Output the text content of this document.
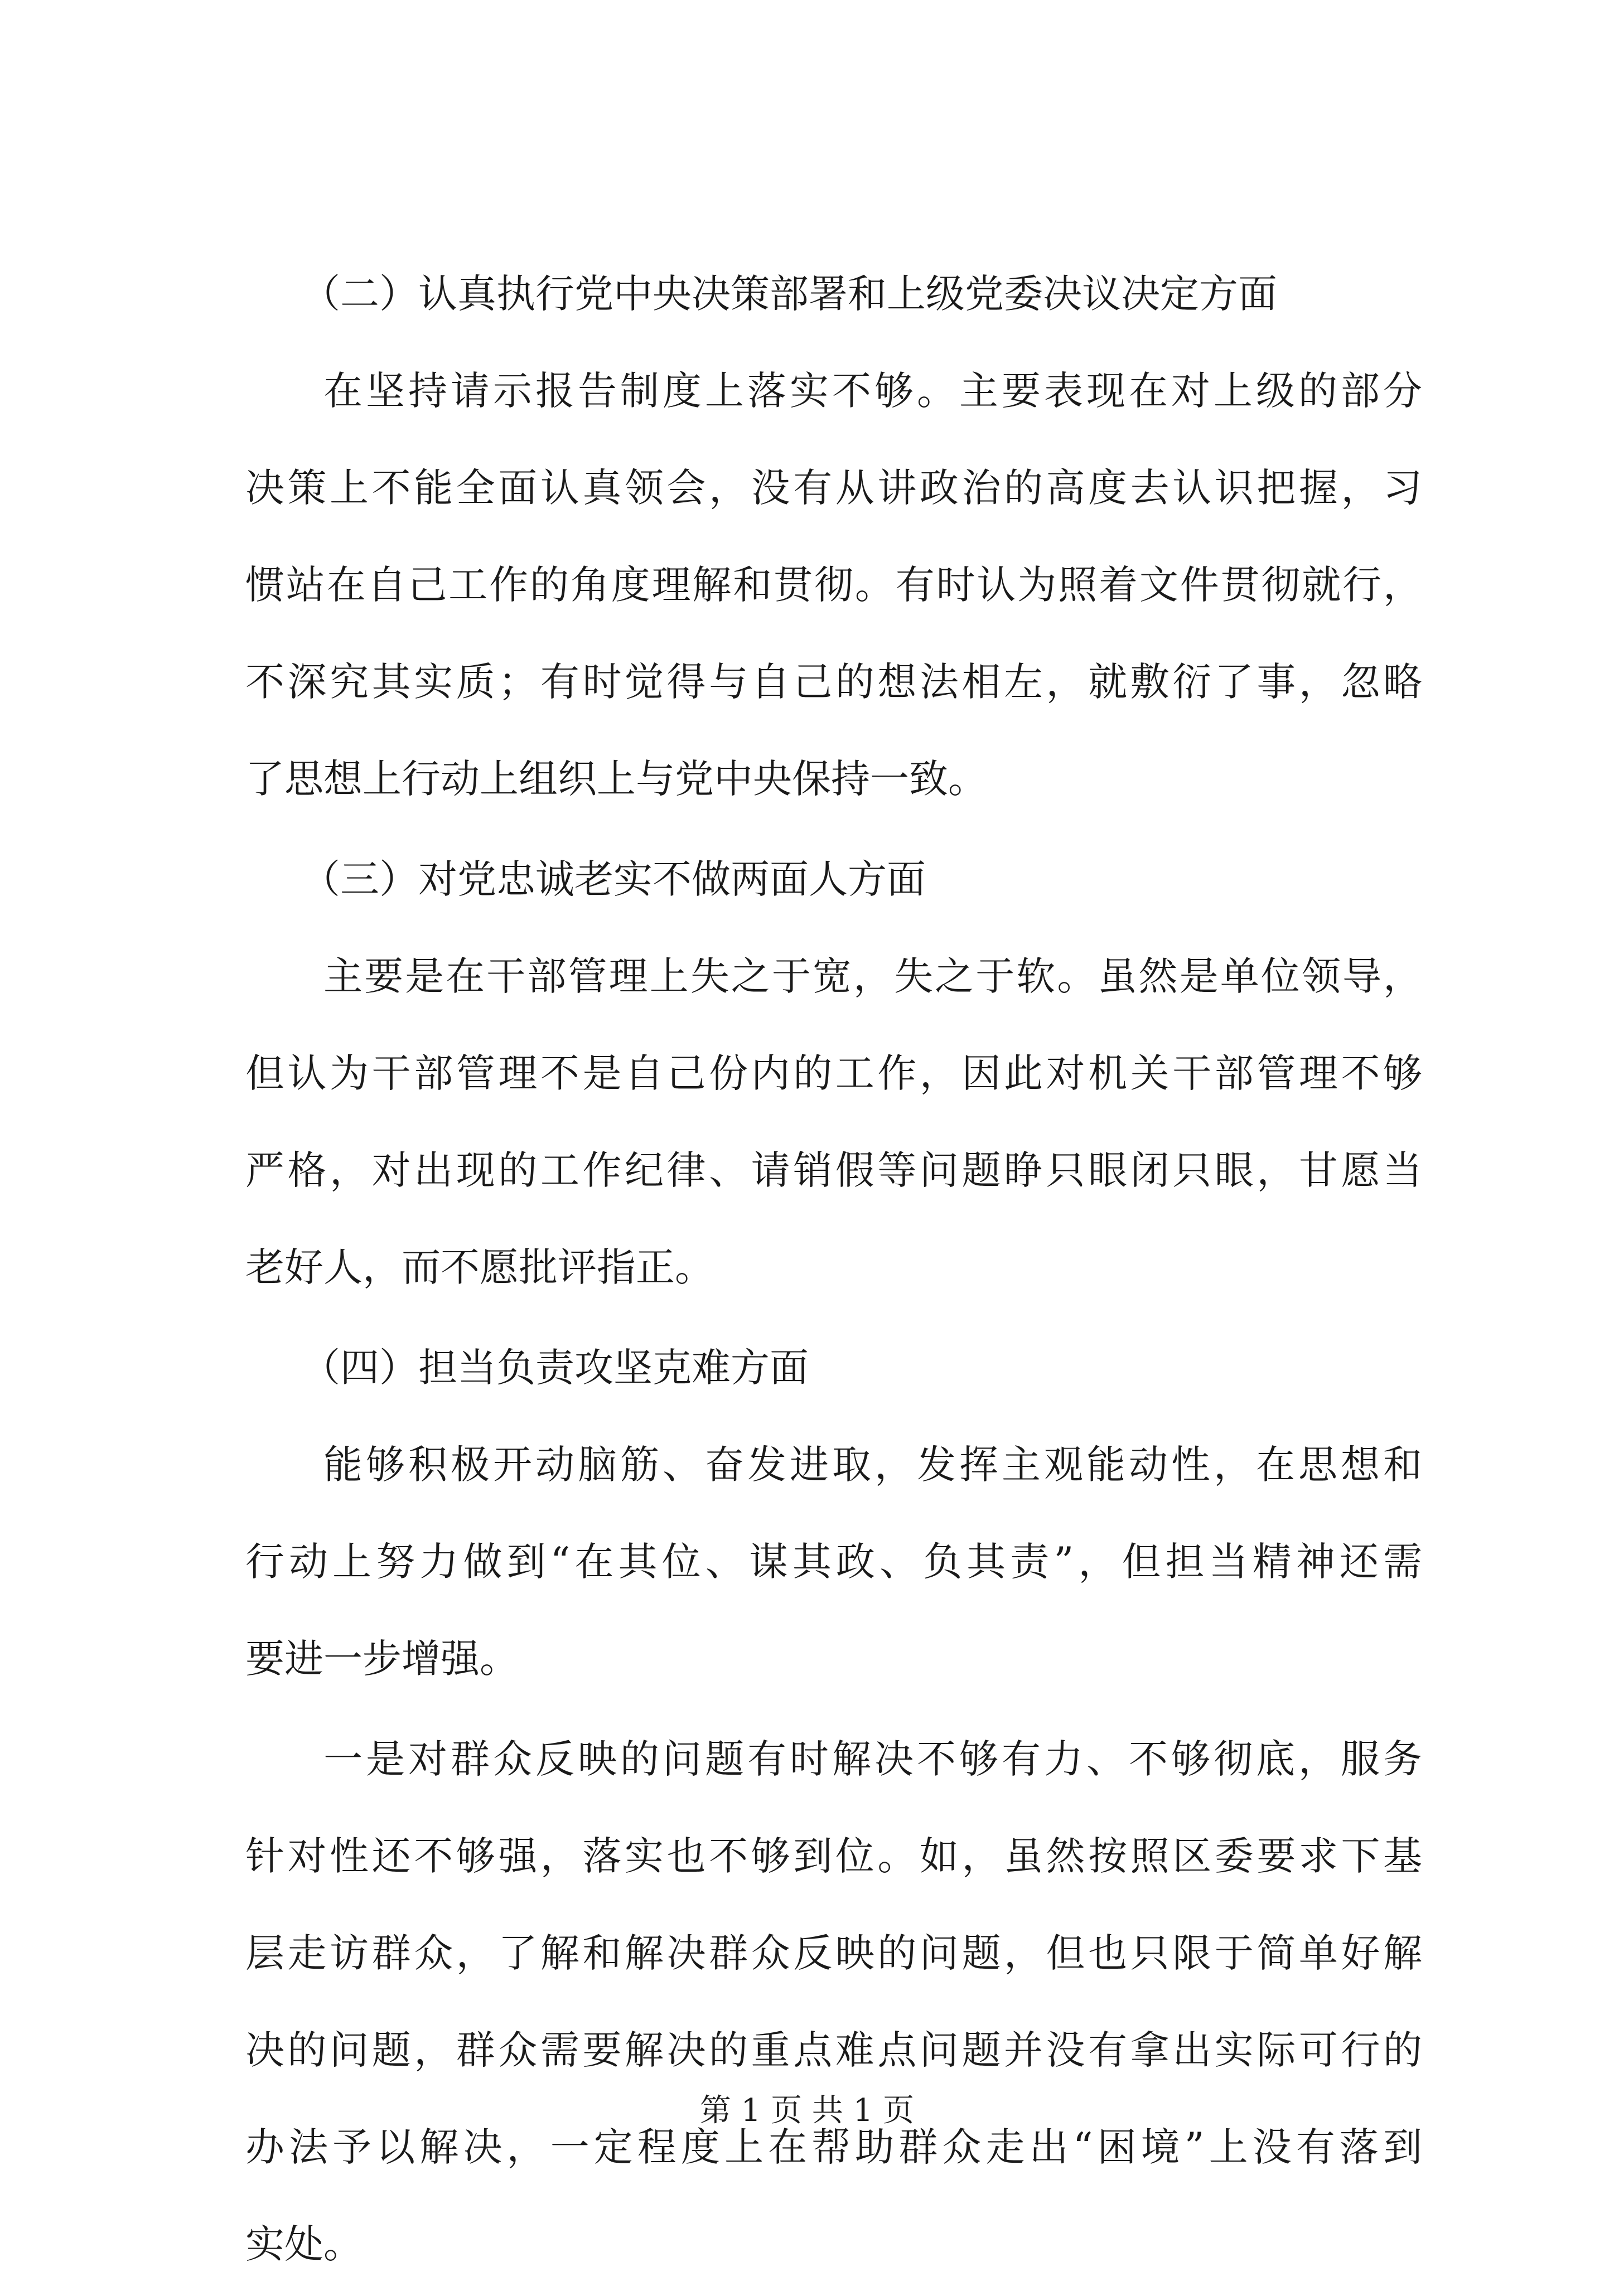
（二）认真执行党中央决策部署和上级党委决议决定方面
在坚持请示报告制度上落实不够。主要表现在对上级的部分
决策上不能全面认真领会，没有从讲政治的高度去认识把握，习
惯站在自己工作的角度理解和贯彻。有时认为照着文件贯彻就行，
不深究其实质；有时觉得与自己的想法相左，就敷衍了事，忽略
了思想上行动上组织上与党中央保持一致。
（三）对党忠诚老实不做两面人方面
主要是在干部管理上失之于宽，失之于软。虽然是单位领导，
但认为干部管理不是自己份内的工作，因此对机关干部管理不够
严格，对出现的工作纪律、请销假等问题睁只眼闭只眼，甘愿当
老好人，而不愿批评指正。
（四）担当负责攻坚克难方面
能够积极开动脑筋、奋发进取，发挥主观能动性，在思想和
行动上努力做到“在其位、谋其政、负其责”，但担当精神还需
要进一步增强。
一是对群众反映的问题有时解决不够有力、不够彻底，服务
针对性还不够强，落实也不够到位。如，虽然按照区委要求下基
层走访群众，了解和解决群众反映的问题，但也只限于简单好解
决的问题，群众需要解决的重点难点问题并没有拿出实际可行的
办法予以解决，一定程度上在帮助群众走出“困境”上没有落到
实处。
第 1 页 共 1 页
